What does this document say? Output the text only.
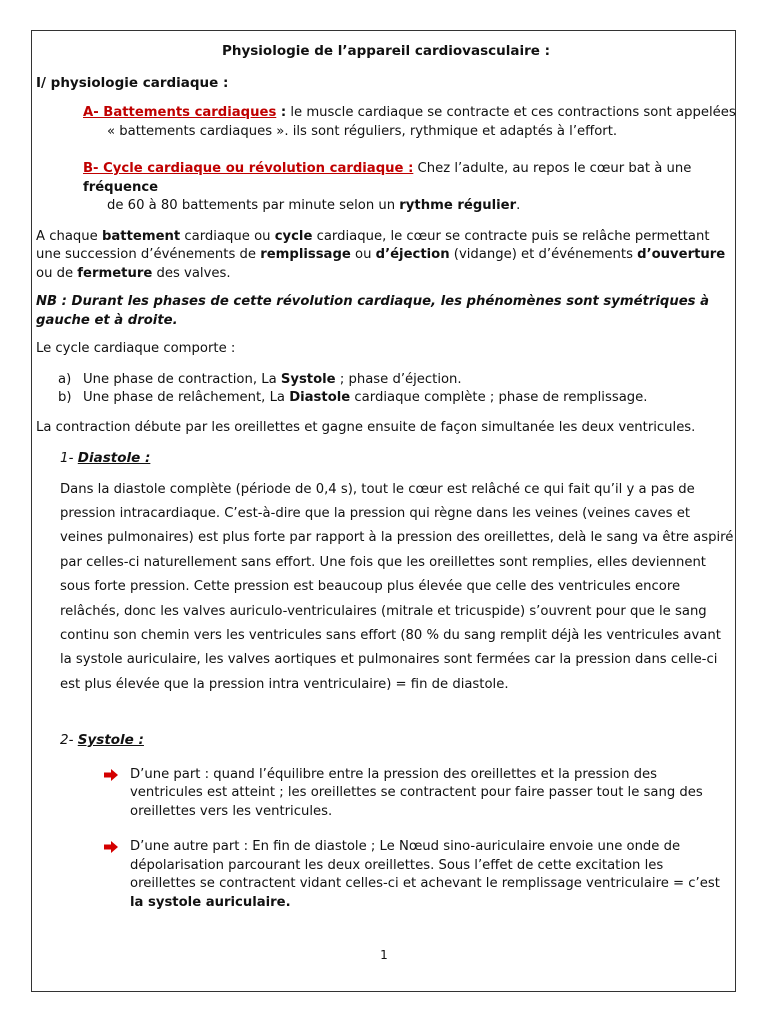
Physiologie de l’appareil cardiovasculaire :

I/ physiologie cardiaque :

A- Battements cardiaques : le muscle cardiaque se contracte et ces contractions sont appelées

« battements cardiaques ». ils sont réguliers, rythmique et adaptés à l’effort.

B- Cycle cardiaque ou révolution cardiaque : Chez l’adulte, au repos le cœur bat à une fréquence

de 60 à 80 battements par minute selon un rythme régulier.

A chaque battement cardiaque ou cycle cardiaque, le cœur se contracte puis se relâche permettant une succession d’événements de remplissage ou d’éjection (vidange) et d’événements d’ouverture ou de fermeture des valves.

NB : Durant les phases de cette révolution cardiaque, les phénomènes sont symétriques à gauche et à droite.

Le cycle cardiaque comporte :

a) Une phase de contraction, La Systole ; phase d’éjection.
b) Une phase de relâchement, La Diastole cardiaque complète ; phase de remplissage.

La contraction débute par les oreillettes et gagne ensuite de façon simultanée les deux ventricules.

1- Diastole :

Dans la diastole complète (période de 0,4 s), tout le cœur est relâché ce qui fait qu’il y a pas de pression intracardiaque. C’est-à-dire que la pression qui règne dans les veines (veines caves et veines pulmonaires) est plus forte par rapport à la pression des oreillettes, delà le sang va être aspiré par celles-ci naturellement sans effort. Une fois que les oreillettes sont remplies, elles deviennent sous forte pression. Cette pression est beaucoup plus élevée que celle des ventricules encore relâchés, donc les valves auriculo-ventriculaires (mitrale et tricuspide) s’ouvrent pour que le sang continu son chemin vers les ventricules sans effort (80 % du sang remplit déjà les ventricules avant la systole auriculaire, les valves aortiques et pulmonaires sont fermées car la pression dans celle-ci est plus élevée que la pression intra ventriculaire) = fin de diastole.

2- Systole :

D’une part : quand l’équilibre entre la pression des oreillettes et la pression des ventricules est atteint ; les oreillettes se contractent pour faire passer tout le sang des oreillettes vers les ventricules.
D’une autre part : En fin de diastole ; Le Nœud sino-auriculaire envoie une onde de dépolarisation parcourant les deux oreillettes. Sous l’effet de cette excitation les oreillettes se contractent vidant celles-ci et achevant le remplissage ventriculaire = c’est la systole auriculaire.
1
